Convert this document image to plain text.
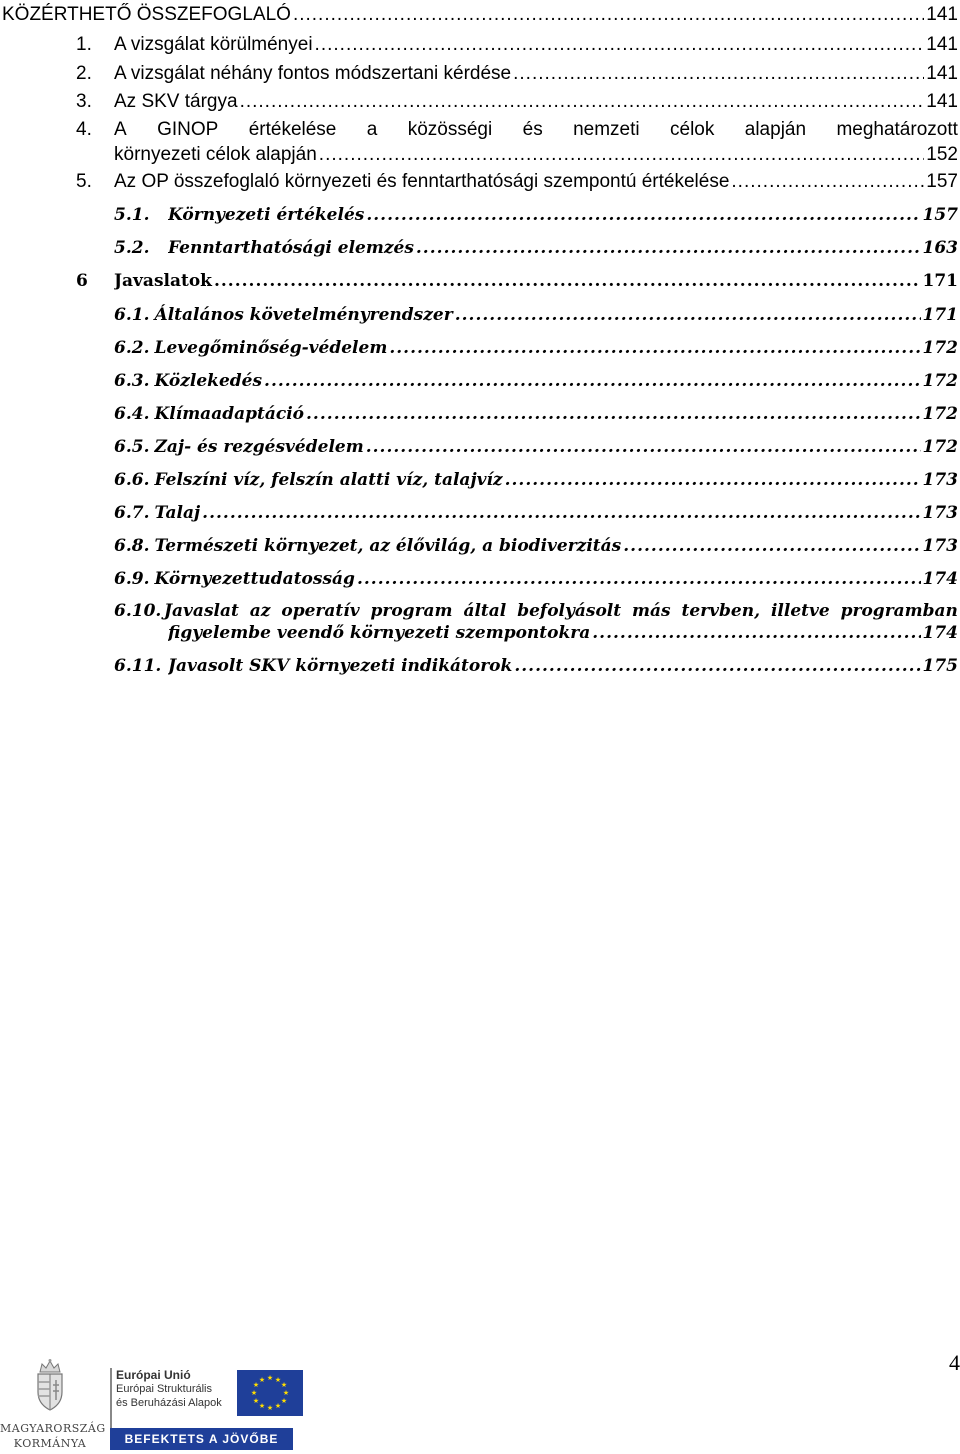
KÖZÉRTHETŐ ÖSSZEFOGLALÓ .....	141
1. A vizsgálat körülményei .....	141
2. A vizsgálat néhány fontos módszertani kérdése .....	141
3. Az SKV tárgya .....	141
4. A GINOP értékelése a közösségi és nemzeti célok alapján meghatározott
környezeti célok alapján .....	152
5. Az OP összefoglaló környezeti és fenntarthatósági szempontú értékelése .....	157
5.1. Környezeti értékelés .....	157
5.2. Fenntarthatósági elemzés .....	163
6 Javaslatok .....	171
6.1. Általános követelményrendszer .....	171
6.2. Levegőminőség-védelem .....	172
6.3. Közlekedés .....	172
6.4. Klímaadaptáció .....	172
6.5. Zaj- és rezgésvédelem .....	172
6.6. Felszíni víz, felszín alatti víz, talajvíz .....	173
6.7. Talaj .....	173
6.8. Természeti környezet, az élővilág, a biodiverzitás .....	173
6.9. Környezettudatosság .....	174
6.10. Javaslat az operatív program által befolyásolt más tervben, illetve programban
figyelembe veendő környezeti szempontokra .....	174
6.11. Javasolt SKV környezeti indikátorok .....	175
4
MAGYARORSZÁG
KORMÁNYA
Európai Unió
Európai Strukturális
és Beruházási Alapok
★ ★
★
★
★
★
★
★
★
★
★
★
BEFEKTETS A JÖVŐBE
